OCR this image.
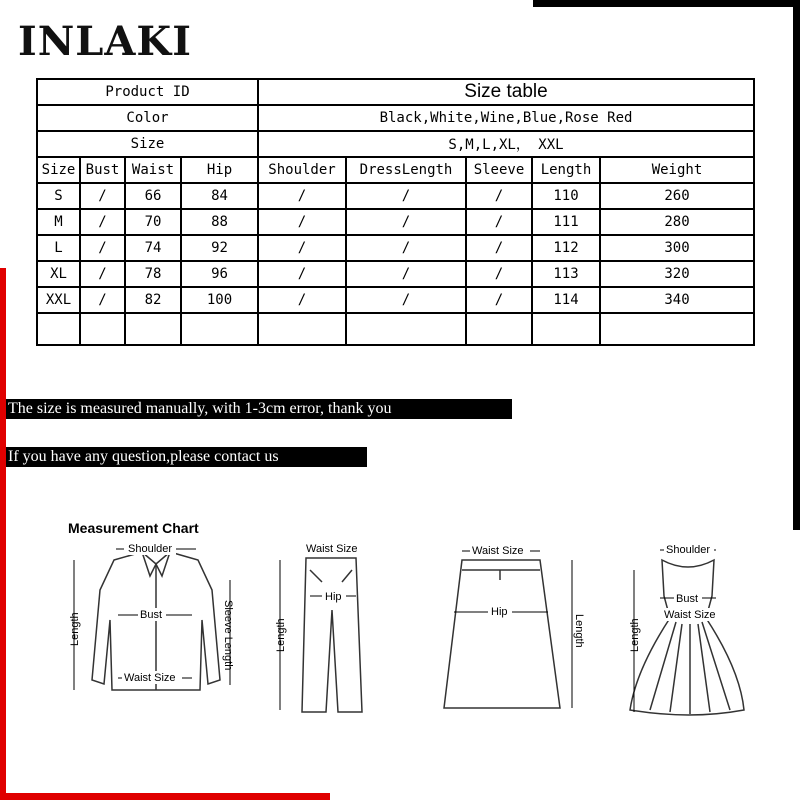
INLAKI
Product ID				Size table				
Color				Black,White,Wine,Blue,Rose Red				
Size				S,M,L,XL， XXL				
Size	Bust	Waist	Hip	Shoulder	DressLength	Sleeve	Length	Weight
S	/	66	84	/	/	/	110	260
M	/	70	88	/	/	/	111	280
L	/	74	92	/	/	/	112	300
XL	/	78	96	/	/	/	113	320
XXL	/	82	100	/	/	/	114	340

The size is measured manually, with 1-3cm error, thank you
If you have any question,please contact us
Measurement Chart
Shoulder
Bust
Waist Size
Length	Sleeve Length
Waist Size
Hip
Length
Waist Size
Hip
Length
Shoulder
Bust
Waist Size
Length
